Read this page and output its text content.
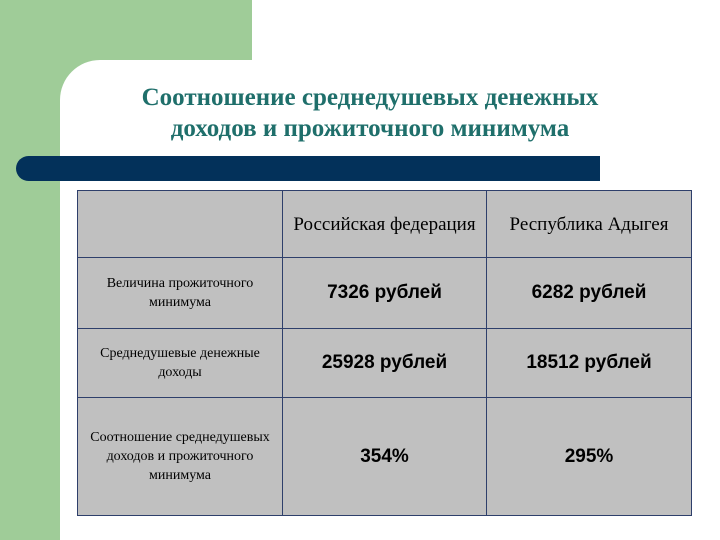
Соотношение среднедушевых денежных
доходов и прожиточного минимума
	Российская федерация	Республика Адыгея
Величина прожиточного минимума	7326 рублей	6282 рублей
Среднедушевые денежные доходы	25928 рублей	18512 рублей
Соотношение среднедушевых доходов и прожиточного минимума	354%	295%
